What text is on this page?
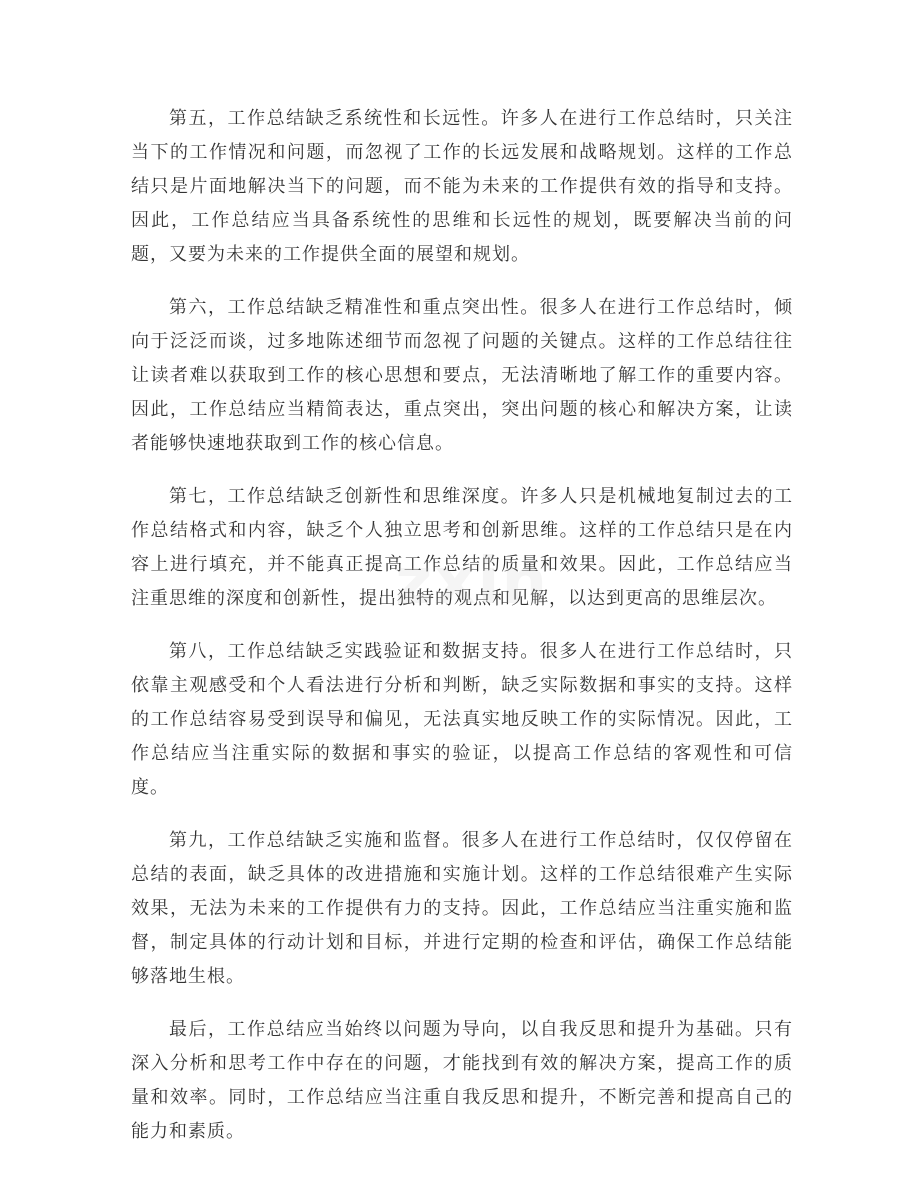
第五，工作总结缺乏系统性和长远性。许多人在进行工作总结时，只关注当下的工作情况和问题，而忽视了工作的长远发展和战略规划。这样的工作总结只是片面地解决当下的问题，而不能为未来的工作提供有效的指导和支持。因此，工作总结应当具备系统性的思维和长远性的规划，既要解决当前的问题，又要为未来的工作提供全面的展望和规划。

第六，工作总结缺乏精准性和重点突出性。很多人在进行工作总结时，倾向于泛泛而谈，过多地陈述细节而忽视了问题的关键点。这样的工作总结往往让读者难以获取到工作的核心思想和要点，无法清晰地了解工作的重要内容。因此，工作总结应当精简表达，重点突出，突出问题的核心和解决方案，让读者能够快速地获取到工作的核心信息。

第七，工作总结缺乏创新性和思维深度。许多人只是机械地复制过去的工作总结格式和内容，缺乏个人独立思考和创新思维。这样的工作总结只是在内容上进行填充，并不能真正提高工作总结的质量和效果。因此，工作总结应当注重思维的深度和创新性，提出独特的观点和见解，以达到更高的思维层次。

第八，工作总结缺乏实践验证和数据支持。很多人在进行工作总结时，只依靠主观感受和个人看法进行分析和判断，缺乏实际数据和事实的支持。这样的工作总结容易受到误导和偏见，无法真实地反映工作的实际情况。因此，工作总结应当注重实际的数据和事实的验证，以提高工作总结的客观性和可信度。

第九，工作总结缺乏实施和监督。很多人在进行工作总结时，仅仅停留在总结的表面，缺乏具体的改进措施和实施计划。这样的工作总结很难产生实际效果，无法为未来的工作提供有力的支持。因此，工作总结应当注重实施和监督，制定具体的行动计划和目标，并进行定期的检查和评估，确保工作总结能够落地生根。

最后，工作总结应当始终以问题为导向，以自我反思和提升为基础。只有深入分析和思考工作中存在的问题，才能找到有效的解决方案，提高工作的质量和效率。同时，工作总结应当注重自我反思和提升，不断完善和提高自己的能力和素质。

zxin
